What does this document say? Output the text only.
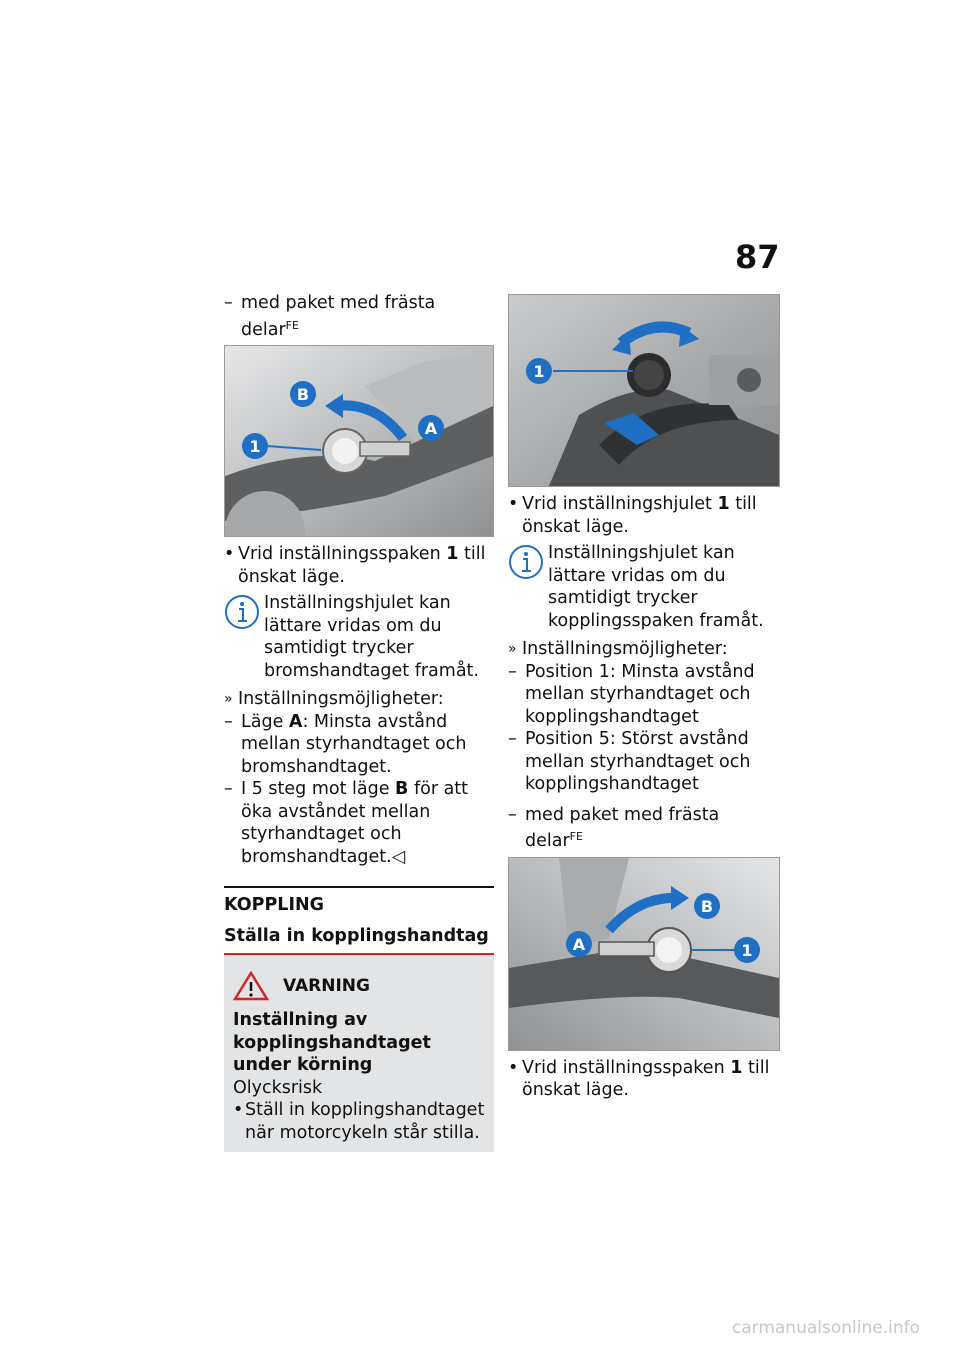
87

– med paket med frästa delar$^{FE}$

1
B
A

• Vrid inställningsspaken 1 till önskat läge.

Inställningshjulet kan lättare vridas om du samtidigt trycker bromshandtaget framåt.

» Inställningsmöjligheter:

– Läge A: Minsta avstånd mellan styrhandtaget och bromshandtaget.

– I 5 steg mot läge B för att öka avståndet mellan styrhandtaget och bromshandtaget.◁

KOPPLING

Ställa in kopplingshandtag

VARNING

Inställning av kopplingshandtaget under körning

Olycksrisk

• Ställ in kopplingshandtaget när motorcykeln står stilla.

1

• Vrid inställningshjulet 1 till önskat läge.

Inställningshjulet kan lättare vridas om du samtidigt trycker kopplingsspaken framåt.

» Inställningsmöjligheter:

– Position 1: Minsta avstånd mellan styrhandtaget och kopplingshandtaget

– Position 5: Störst avstånd mellan styrhandtaget och kopplingshandtaget

– med paket med frästa delar$^{FE}$

1
B
A

• Vrid inställningsspaken 1 till önskat läge.

carmanualsonline.info
